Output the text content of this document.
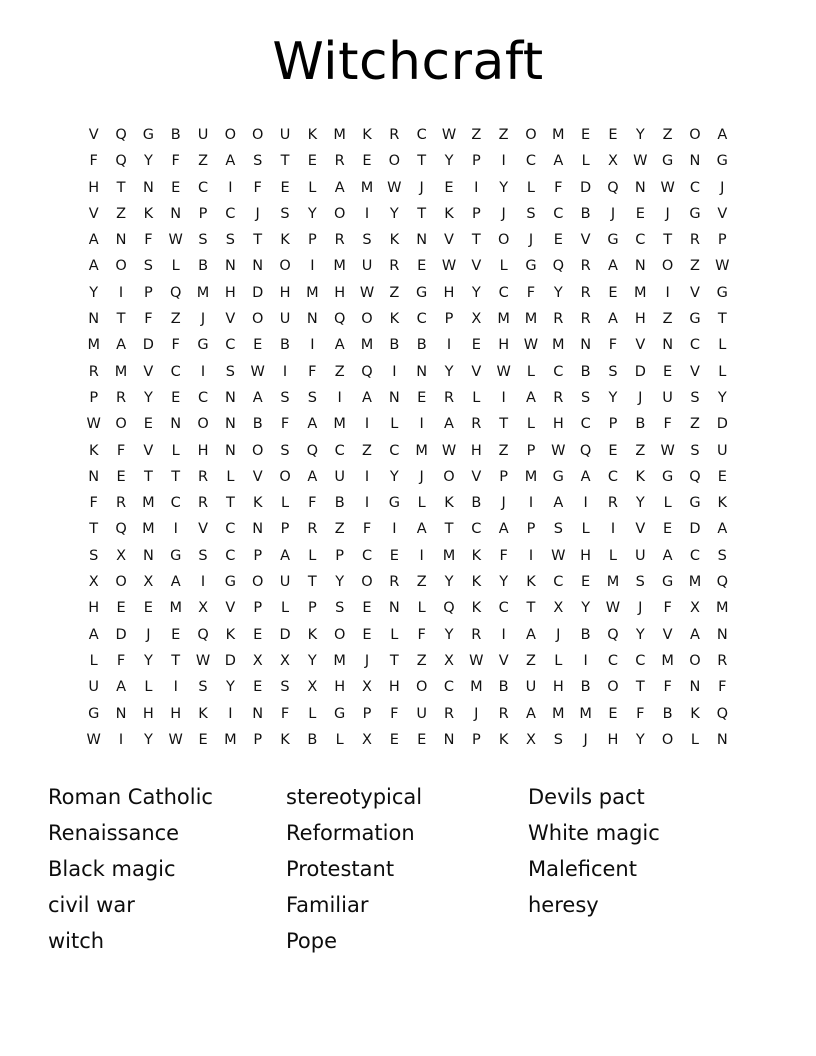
Witchcraft
V	Q	G	B	U	O	O	U	K	M	K	R	C	W	Z	Z	O	M	E	E	Y	Z	O	A
F	Q	Y	F	Z	A	S	T	E	R	E	O	T	Y	P	I	C	A	L	X	W	G	N	G
H	T	N	E	C	I	F	E	L	A	M	W	J	E	I	Y	L	F	D	Q	N	W	C	J
V	Z	K	N	P	C	J	S	Y	O	I	Y	T	K	P	J	S	C	B	J	E	J	G	V
A	N	F	W	S	S	T	K	P	R	S	K	N	V	T	O	J	E	V	G	C	T	R	P
A	O	S	L	B	N	N	O	I	M	U	R	E	W	V	L	G	Q	R	A	N	O	Z	W
Y	I	P	Q	M	H	D	H	M	H	W	Z	G	H	Y	C	F	Y	R	E	M	I	V	G
N	T	F	Z	J	V	O	U	N	Q	O	K	C	P	X	M	M	R	R	A	H	Z	G	T
M	A	D	F	G	C	E	B	I	A	M	B	B	I	E	H	W	M	N	F	V	N	C	L
R	M	V	C	I	S	W	I	F	Z	Q	I	N	Y	V	W	L	C	B	S	D	E	V	L
P	R	Y	E	C	N	A	S	S	I	A	N	E	R	L	I	A	R	S	Y	J	U	S	Y
W	O	E	N	O	N	B	F	A	M	I	L	I	A	R	T	L	H	C	P	B	F	Z	D
K	F	V	L	H	N	O	S	Q	C	Z	C	M	W	H	Z	P	W	Q	E	Z	W	S	U
N	E	T	T	R	L	V	O	A	U	I	Y	J	O	V	P	M	G	A	C	K	G	Q	E
F	R	M	C	R	T	K	L	F	B	I	G	L	K	B	J	I	A	I	R	Y	L	G	K
T	Q	M	I	V	C	N	P	R	Z	F	I	A	T	C	A	P	S	L	I	V	E	D	A
S	X	N	G	S	C	P	A	L	P	C	E	I	M	K	F	I	W	H	L	U	A	C	S
X	O	X	A	I	G	O	U	T	Y	O	R	Z	Y	K	Y	K	C	E	M	S	G	M	Q
H	E	E	M	X	V	P	L	P	S	E	N	L	Q	K	C	T	X	Y	W	J	F	X	M
A	D	J	E	Q	K	E	D	K	O	E	L	F	Y	R	I	A	J	B	Q	Y	V	A	N
L	F	Y	T	W	D	X	X	Y	M	J	T	Z	X	W	V	Z	L	I	C	C	M	O	R
U	A	L	I	S	Y	E	S	X	H	X	H	O	C	M	B	U	H	B	O	T	F	N	F
G	N	H	H	K	I	N	F	L	G	P	F	U	R	J	R	A	M	M	E	F	B	K	Q
W	I	Y	W	E	M	P	K	B	L	X	E	E	N	P	K	X	S	J	H	Y	O	L	N
Roman Catholic
Renaissance
Black magic
civil war
witch
stereotypical
Reformation
Protestant
Familiar
Pope
Devils pact
White magic
Maleficent
heresy
